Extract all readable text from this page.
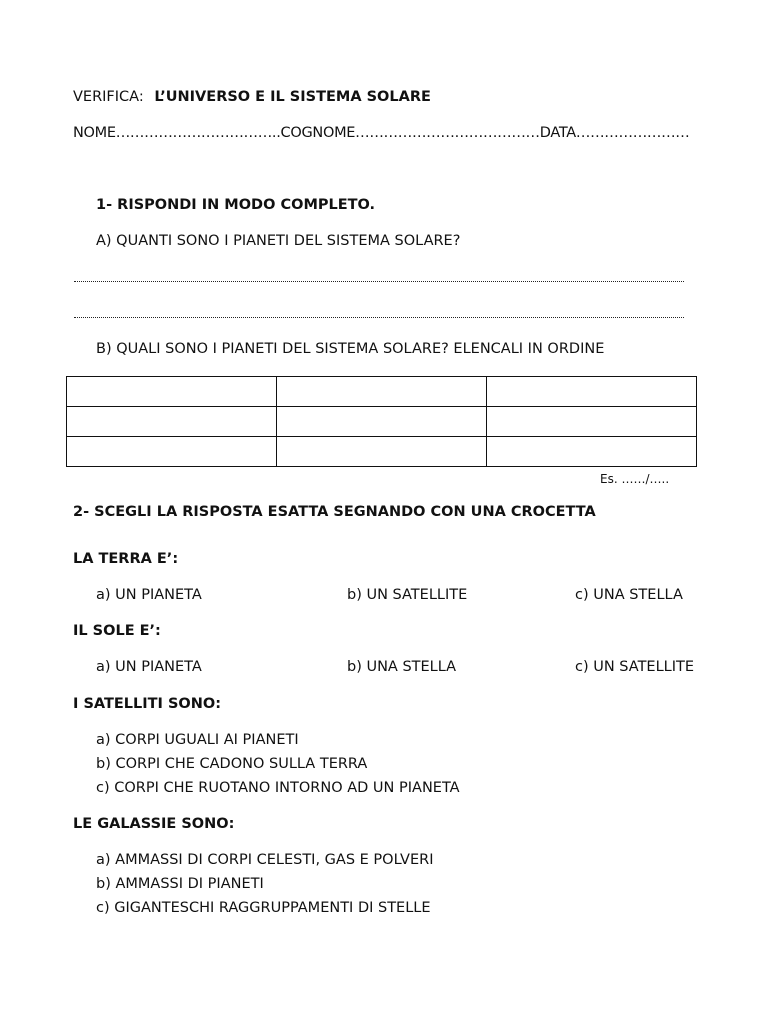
VERIFICA: L’UNIVERSO E IL SISTEMA SOLARE
NOME……………………………..COGNOME…………………………………DATA……………………
1- RISPONDI IN MODO COMPLETO.
A) QUANTI SONO I PIANETI DEL SISTEMA SOLARE?
B) QUALI SONO I PIANETI DEL SISTEMA SOLARE? ELENCALI IN ORDINE

Es. ……/…..
2- SCEGLI LA RISPOSTA ESATTA SEGNANDO CON UNA CROCETTA
LA TERRA E’:
a) UN PIANETA	b) UN SATELLITE	c) UNA STELLA
IL SOLE E’:
a) UN PIANETA	b) UNA STELLA	c) UN SATELLITE
I SATELLITI SONO:
a) CORPI UGUALI AI PIANETI
b) CORPI CHE CADONO SULLA TERRA
c) CORPI CHE RUOTANO INTORNO AD UN PIANETA
LE GALASSIE SONO:
a) AMMASSI DI CORPI CELESTI, GAS E POLVERI
b) AMMASSI DI PIANETI
c) GIGANTESCHI RAGGRUPPAMENTI DI STELLE
